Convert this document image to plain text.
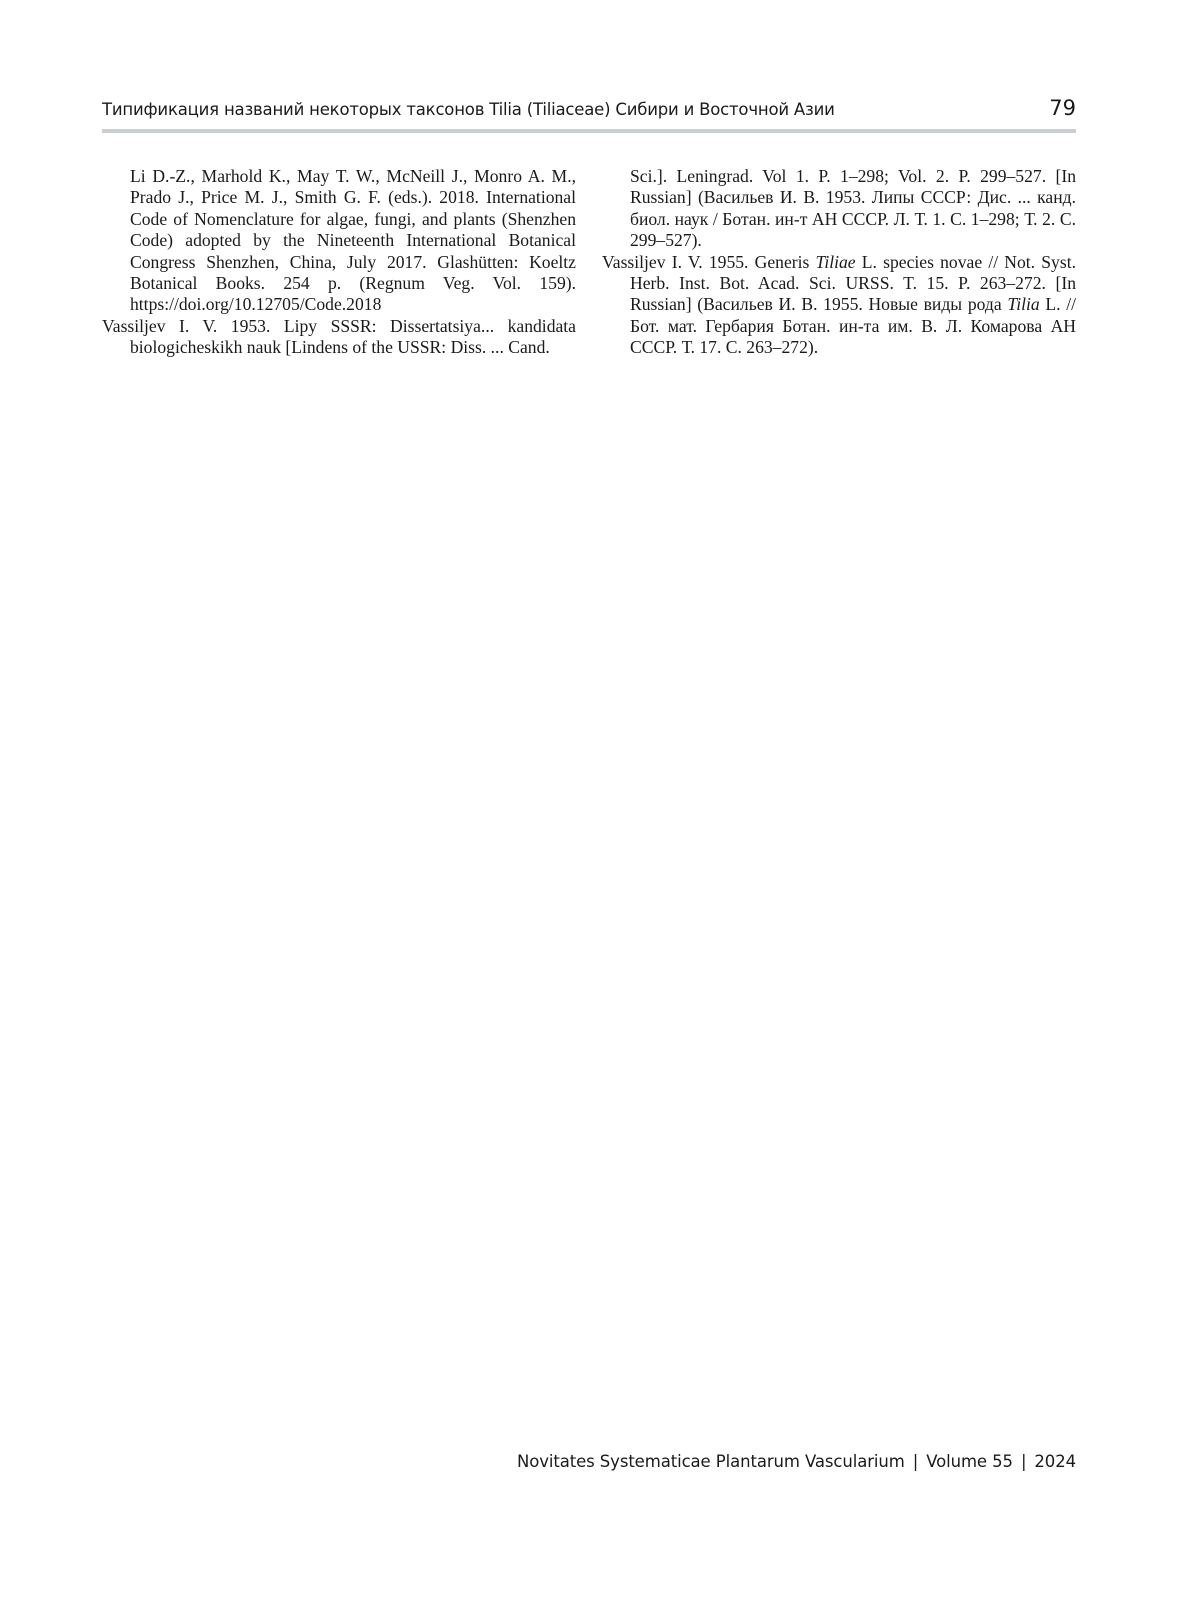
Типификация названий некоторых таксонов Tilia (Tiliaceae) Сибири и Восточной Азии	79

Li D.-Z., Marhold K., May T. W., McNeill J., Monro A. M., Prado J., Price M. J., Smith G. F. (eds.). 2018. International Code of Nomenclature for algae, fungi, and plants (Shenzhen Code) adopted by the Nineteenth International Botanical Congress Shenzhen, China, July 2017. Glashütten: Koeltz Botanical Books. 254 p. (Regnum Veg. Vol. 159). https://doi.org/10.12705/Code.2018

Vassiljev I. V. 1953. Lipy SSSR: Dissertatsiya... kandidata biologicheskikh nauk [Lindens of the USSR: Diss. ... Cand.

Sci.]. Leningrad. Vol 1. P. 1–298; Vol. 2. P. 299–527. [In Russian] (Васильев И. В. 1953. Липы СССР: Дис. ... канд. биол. наук / Ботан. ин-т АН СССР. Л. Т. 1. С. 1–298; Т. 2. С. 299–527).

Vassiljev I. V. 1955. Generis Tiliae L. species novae // Not. Syst. Herb. Inst. Bot. Acad. Sci. URSS. T. 15. P. 263–272. [In Russian] (Васильев И. В. 1955. Новые виды рода Tilia L. // Бот. мат. Гербария Ботан. ин-та им. В. Л. Комарова АН СССР. Т. 17. С. 263–272).

Novitates Systematicae Plantarum Vascularium | Volume 55 | 2024
